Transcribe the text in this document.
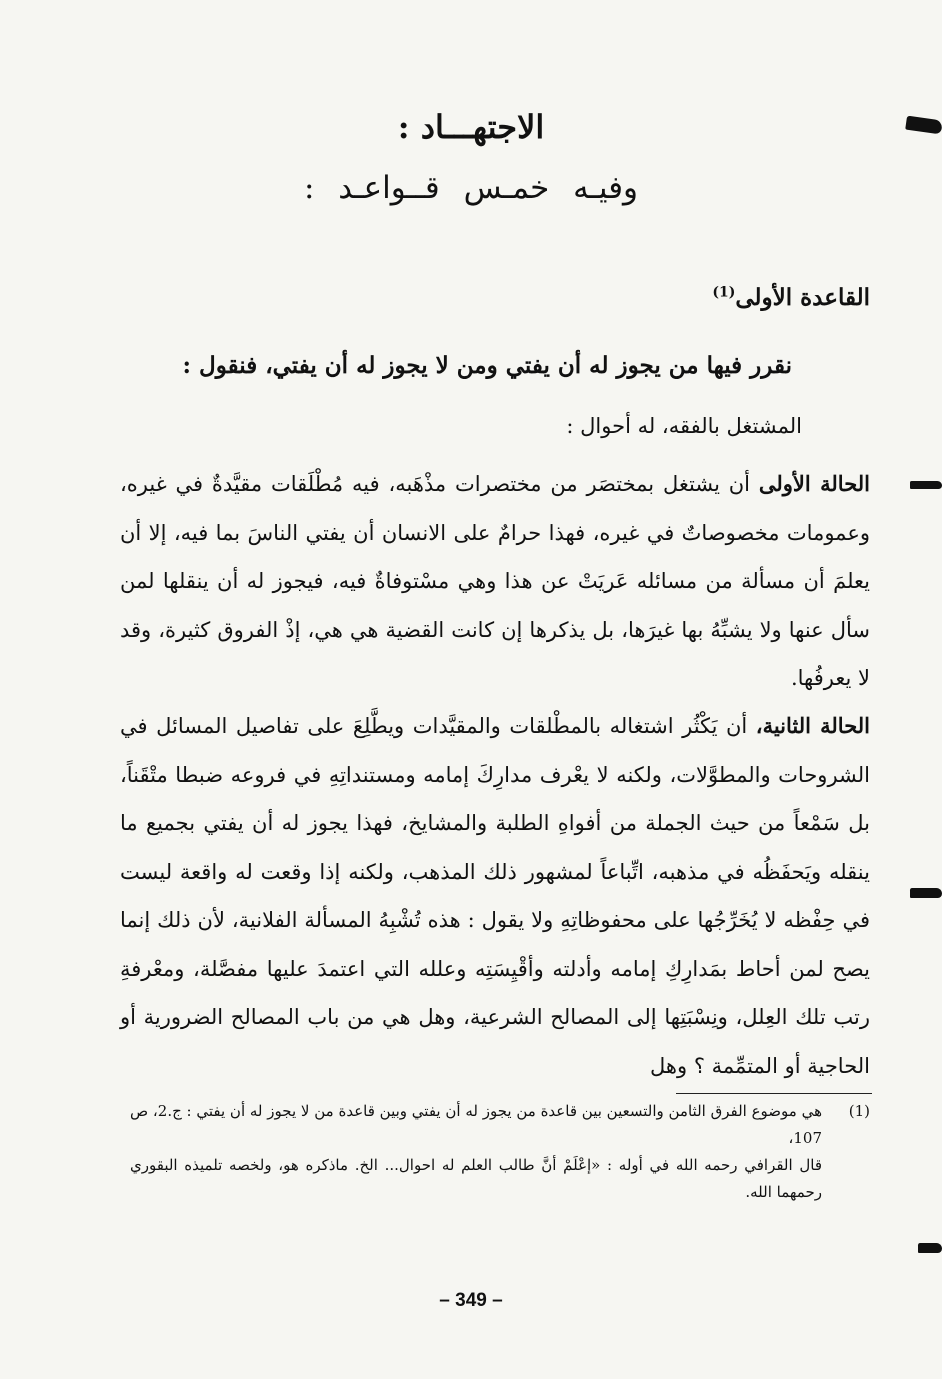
الاجتهـــاد :
وفيـه خمـس قــواعـد :
القاعدة الأولى$^{(1)}$
نقرر فيها من يجوز له أن يفتي ومن لا يجوز له أن يفتي، فنقول :
المشتغل بالفقه، له أحوال :
الحالة الأولى أن يشتغل بمختصَر من مختصرات مذْهَبه، فيه مُطْلَقات مقيَّدةٌ في غيره، وعمومات مخصوصاتٌ في غيره، فهذا حرامٌ على الانسان أن يفتي الناسَ بما فيه، إلا أن يعلمَ أن مسألة من مسائله عَريَتْ عن هذا وهي مسْتوفاةٌ فيه، فيجوز له أن ينقلها لمن سأل عنها ولا يشبِّهُ بها غيرَها، بل يذكرها إن كانت القضية هي هي، إذْ الفروق كثيرة، وقد لا يعرفُها.
الحالة الثانية، أن يَكْثُر اشتغاله بالمطْلقات والمقيَّدات ويطَّلِعَ على تفاصيل المسائل في الشروحات والمطوَّلات، ولكنه لا يعْرف مدارِكَ إمامه ومستنداتِهِ في فروعه ضبطا متْقَناً، بل سَمْعاً من حيث الجملة من أفواهِ الطلبة والمشايخ، فهذا يجوز له أن يفتي بجميع ما ينقله ويَحفَظُه في مذهبه، اتِّباعاً لمشهور ذلك المذهب، ولكنه إذا وقعت له واقعة ليست في حِفْظه لا يُخَرِّجُها على محفوظاتِهِ ولا يقول : هذه تُشْبِهُ المسألة الفلانية، لأن ذلك إنما يصح لمن أحاط بمَدارِكِ إمامه وأدلته وأقْيِسَتِه وعلله التي اعتمدَ عليها مفصَّلة، ومعْرفةِ رتب تلك العِلل، ونِسْبَتِها إلى المصالح الشرعية، وهل هي من باب المصالح الضرورية أو الحاجية أو المتمِّمة ؟ وهل
(1)
هي موضوع الفرق الثامن والتسعين بين قاعدة من يجوز له أن يفتي وبين قاعدة من لا يجوز له أن يفتي : ج.2، ص 107،
قال القرافي رحمه الله في أوله : «إعْلَمْ أنَّ طالب العلم له احوال... الخ. ماذكره هو، ولخصه تلميذه البقوري رحمهما الله.
– 349 –
